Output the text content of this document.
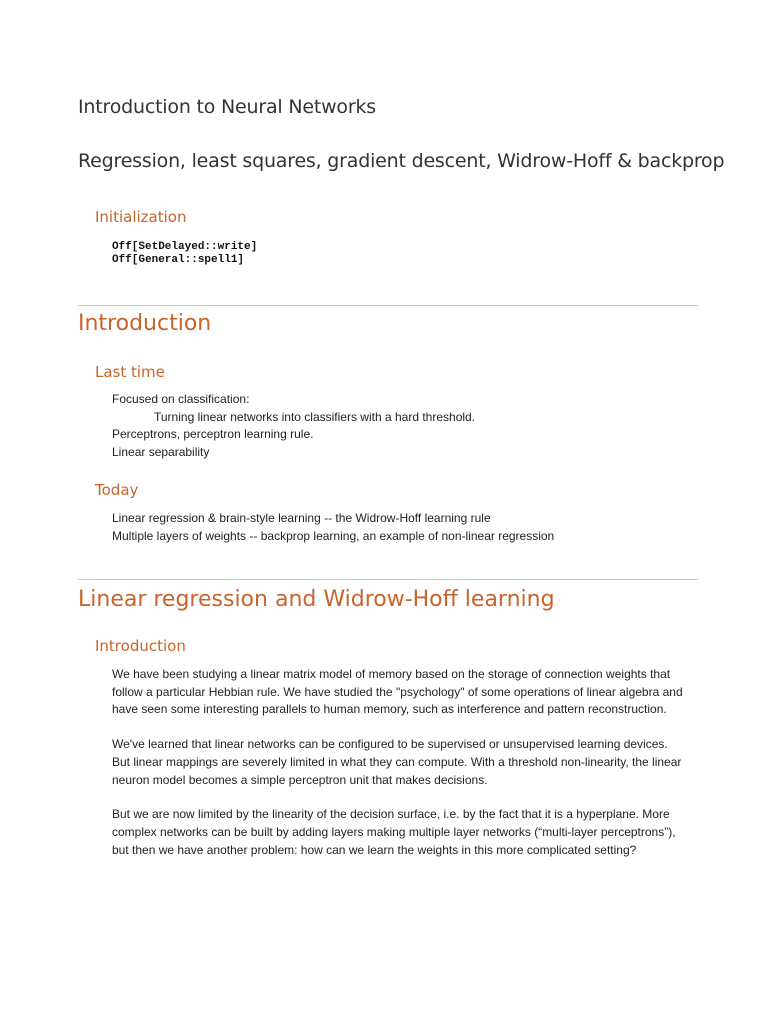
Introduction to Neural Networks
Regression, least squares, gradient descent, Widrow-Hoff & backprop
Initialization
Off[SetDelayed::write]
Off[General::spell1]
Introduction
Last time
Focused on classification:
Turning linear networks into classifiers with a hard threshold.
Perceptrons, perceptron learning rule.
Linear separability
Today
Linear regression & brain-style learning -- the Widrow-Hoff learning rule
Multiple layers of weights -- backprop learning, an example of non-linear regression
Linear regression and Widrow-Hoff learning
Introduction

We have been studying a linear matrix model of memory based on the storage of connection weights that follow a particular Hebbian rule. We have studied the "psychology" of some operations of linear algebra and have seen some interesting parallels to human memory, such as interference and pattern reconstruction.

We've learned that linear networks can be configured to be supervised or unsupervised learning devices. But linear mappings are severely limited in what they can compute. With a threshold non-linearity, the linear neuron model becomes a simple perceptron unit that makes decisions.

But we are now limited by the linearity of the decision surface, i.e. by the fact that it is a hyperplane. More complex networks can be built by adding layers making multiple layer networks (“multi-layer perceptrons”), but then we have another problem: how can we learn the weights in this more complicated setting?
